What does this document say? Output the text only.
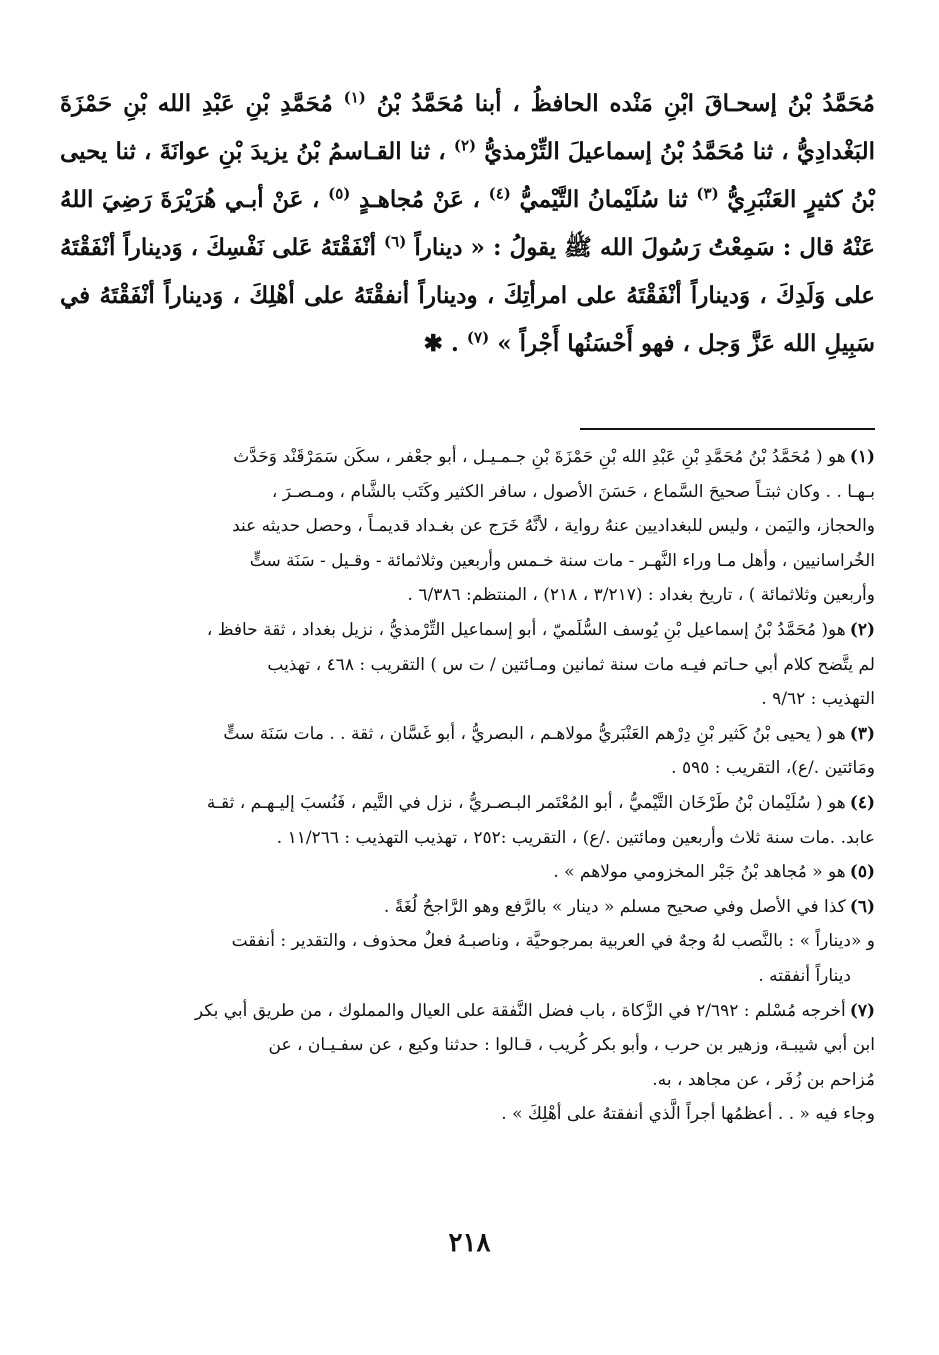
مُحَمَّدُ بْنُ إسحـاقَ ابْنِ مَنْده الحافظُ ، أبنا مُحَمَّدُ بْنُ $^{(١)}$ مُحَمَّدِ بْنِ عَبْدِ الله بْنِ حَمْزَةَ البَغْدادِيُّ ، ثنا مُحَمَّدُ بْنُ إسماعيلَ التِّرْمذيُّ $^{(٢)}$ ، ثنا القـاسمُ بْنُ يزيدَ بْنِ عوانَةَ ، ثنا يحيى بْنُ كثيرٍ العَنْبَرِيُّ $^{(٣)}$ ثنا سُلَيْمانُ التَّيْميُّ $^{(٤)}$ ، عَنْ مُجاهـدٍ $^{(٥)}$ ، عَنْ أبـي هُرَيْرَةَ رَضِيَ اللهُ عَنْهُ قال : سَمِعْتُ رَسُولَ الله ﷺ يقولُ : « ديناراً $^{(٦)}$ أنْفَقْتَهُ عَلى نَفْسِكَ ، وَديناراً أنْفَقْتَهُ على وَلَدِكَ ، وَديناراً أنْفَقْتَهُ على امرأتِكَ ، وديناراً أنفقْتَهُ على أهْلِكَ ، وَديناراً أنْفَقْتَهُ في سَبِيلِ الله عَزَّ وَجل ، فهو أَحْسَنُها أَجْراً » $^{(٧)}$ . ✱

(١)
هو ( مُحَمَّدُ بْنُ مُحَمَّدِ بْنِ عَبْدِ الله بْنِ حَمْزَةَ بْنِ جـمـيـل ، أبو جعْفر ، سكَن سَمَرْقَنْد وَحَدَّث

بـهـا . . وكان ثبتـاً صحيحَ السَّماع ، حَسَنَ الأصول ، سافر الكثير وكَتَب بالشَّام ، ومـصـرَ ،

والحجاز، واليَمن ، وليس للبغداديين عنهُ رواية ، لأنَّهُ خَرَج عن بغـداد قديمـاً ، وحصل حديثه عند

الخُراسانيين ، وأهل مـا وراء النَّهـر - مات سنة خـمس وأربعين وثلاثمائة - وقـيل - سَنَة ستٍّ

وأربعين وثلاثمائة ) ، تاريخ بغداد : (٣/٢١٧ ، ٢١٨) ، المنتظم: ٦/٣٨٦ .

(٢)
هو( مُحَمَّدُ بْنُ إسماعيل بْنِ يُوسف السُّلَميّ ، أبو إسماعيل التِّرْمذيُّ ، نزيل بغداد ، ثقة حافظ ،

لم يتَّضح كلام أبي حـاتم فيـه مات سنة ثمانين ومـائتين / ت س ) التقريب : ٤٦٨ ، تهذيب

التهذيب : ٩/٦٢ .

(٣)
هو ( يحيى بْنُ كَثير بْنِ دِرْهم العَنْبَريُّ مولاهـم ، البصريُّ ، أبو غَسَّان ، ثقة . . مات سَنَة ستٍّ

ومَائتين ./ع)، التقريب : ٥٩٥ .

(٤)
هو ( سُلَيْمان بْنُ طَرْخَان التَّيْميُّ ، أبو المُعْتَمر البـصـريُّ ، نزل في التَّيم ، فَنُسبَ إليـهـم ، ثقـة

عابد. .مات سنة ثلاث وأربعين ومائتين ./ع) ، التقريب :٢٥٢ ، تهذيب التهذيب : ١١/٢٦٦ .

(٥)
هو « مُجاهد بْنُ جَبْر المخزومي مولاهم » .
(٦)
كذا في الأصل وفي صحيح مسلم « دينار » بالرَّفع وهو الرَّاجحُ لُغَةً .

و «ديناراً » : بالنَّصب لهُ وجهٌ في العربية بمرجوحيَّة ، وناصبـهُ فعلٌ محذوف ، والتقدير : أنفقت

ديناراً أنفقته .

(٧)
أخرجه مُسْلم : ٢/٦٩٢ في الزَّكاة ، باب فضل النَّفقة على العيال والمملوك ، من طريق أبي بكر

ابن أبي شيبـة، وزهير بن حرب ، وأبو بكر كُريب ، قـالوا : حدثنا وكيع ، عن سفـيـان ، عن

مُزاحم بن زُفَر ، عن مجاهد ، به.

وجاء فيه « . . أعظمُها أجراً الَّذي أنفقتهُ على أهْلِكَ » .

٢١٨
